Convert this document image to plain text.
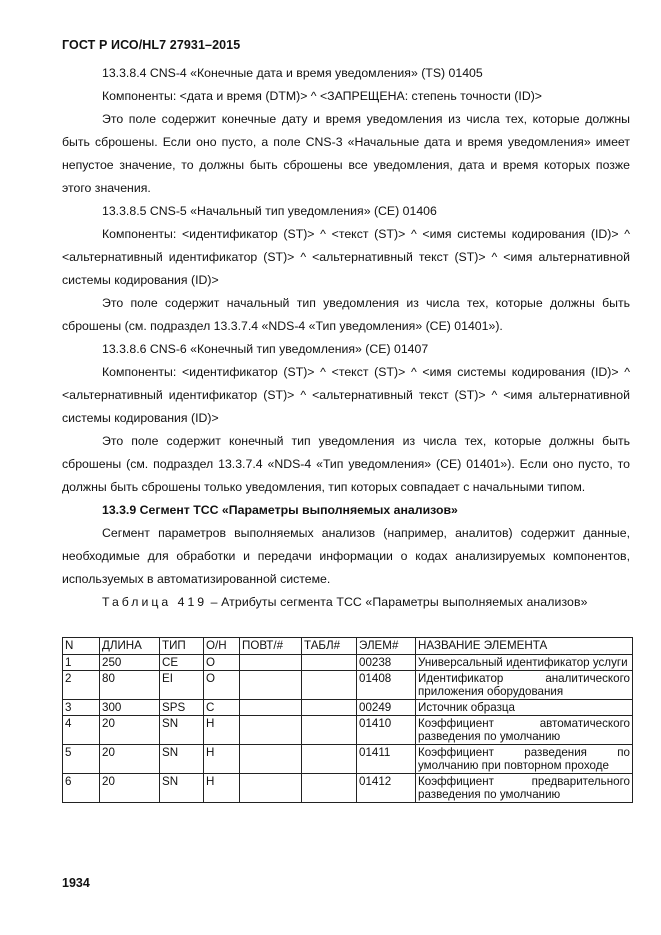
ГОСТ Р ИСО/HL7 27931–2015

13.3.8.4 CNS-4 «Конечные дата и время уведомления» (TS) 01405

Компоненты: <дата и время (DTM)> ^ <ЗАПРЕЩЕНА: степень точности (ID)>

Это поле содержит конечные дату и время уведомления из числа тех, которые должны быть сброшены. Если оно пусто, а поле CNS-3 «Начальные дата и время уведомления» имеет непустое значение, то должны быть сброшены все уведомления, дата и время которых позже этого значения.

13.3.8.5 CNS-5 «Начальный тип уведомления» (CE) 01406

Компоненты: <идентификатор (ST)> ^ <текст (ST)> ^ <имя системы кодирования (ID)> ^ <альтернативный идентификатор (ST)> ^ <альтернативный текст (ST)> ^ <имя альтернативной системы кодирования (ID)>

Это поле содержит начальный тип уведомления из числа тех, которые должны быть сброшены (см. подраздел 13.3.7.4 «NDS-4 «Тип уведомления» (CE) 01401»).

13.3.8.6 CNS-6 «Конечный тип уведомления» (CE) 01407

Компоненты: <идентификатор (ST)> ^ <текст (ST)> ^ <имя системы кодирования (ID)> ^ <альтернативный идентификатор (ST)> ^ <альтернативный текст (ST)> ^ <имя альтернативной системы кодирования (ID)>

Это поле содержит конечный тип уведомления из числа тех, которые должны быть сброшены (см. подраздел 13.3.7.4 «NDS-4 «Тип уведомления» (CE) 01401»). Если оно пусто, то должны быть сброшены только уведомления, тип которых совпадает с начальными типом.

13.3.9 Сегмент TCC «Параметры выполняемых анализов»

Сегмент параметров выполняемых анализов (например, аналитов) содержит данные, необходимые для обработки и передачи информации о кодах анализируемых компонентов, используемых в автоматизированной системе.

Таблица 419 – Атрибуты сегмента TCC «Параметры выполняемых анализов»

N	ДЛИНА	ТИП	О/Н	ПОВТ/#	ТАБЛ#	ЭЛЕМ#	НАЗВАНИЕ ЭЛЕМЕНТА
1	250	CE	О			00238	Универсальный идентификатор услуги
2	80	EI	О			01408	Идентификатор аналитического приложения оборудования
3	300	SPS	С			00249	Источник образца
4	20	SN	Н			01410	Коэффициент автоматического разведения по умолчанию
5	20	SN	Н			01411	Коэффициент разведения по умолчанию при повторном проходе
6	20	SN	Н			01412	Коэффициент предварительного разведения по умолчанию
1934
